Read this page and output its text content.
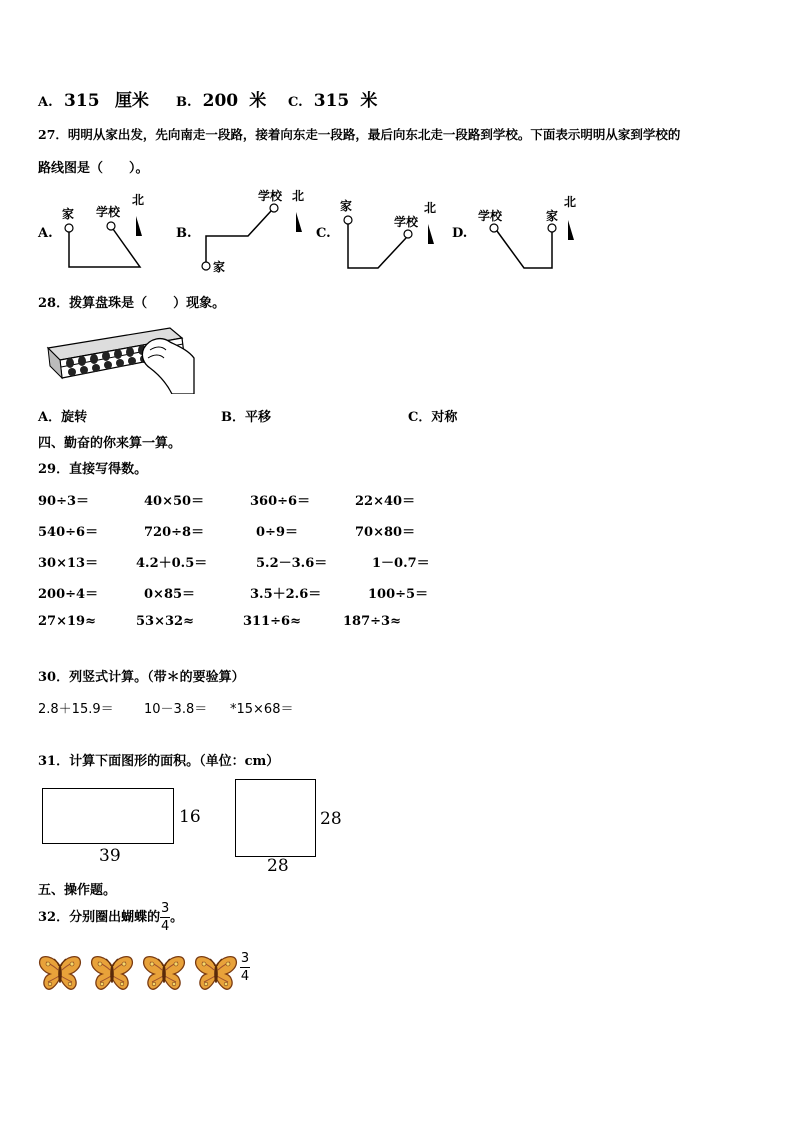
A. 315 厘米 B. 200 米 C. 315 米
27．明明从家出发，先向南走一段路，接着向东走一段路，最后向东北走一段路到学校。下面表示明明从家到学校的
路线图是（　　）。
A.
家 学校
北
B.
学校 北
家
C.
家
学校
北
D.
学校	家
北
28．拨算盘珠是（　　）现象。
A．旋转	B．平移	C．对称
四、勤奋的你来算一算。
29．直接写得数。
90÷3＝	40×50＝	360÷6＝	22×40＝
540÷6＝	720÷8＝	0÷9＝	70×80＝
30×13＝	4.2＋0.5＝	5.2－3.6＝	1－0.7＝
200÷4＝	0×85＝	3.5＋2.6＝	100÷5＝
27×19≈	53×32≈	311÷6≈	187÷3≈
30．列竖式计算。（带＊的要验算）
2.8＋15.9＝ 10－3.8＝ *15×68＝
31．计算下面图形的面积。（单位：cm）
16
39
28
28
五、操作题。
32．分别圈出蝴蝶的 $\frac{3}{4}$ 。
$\frac{3}{4}$
